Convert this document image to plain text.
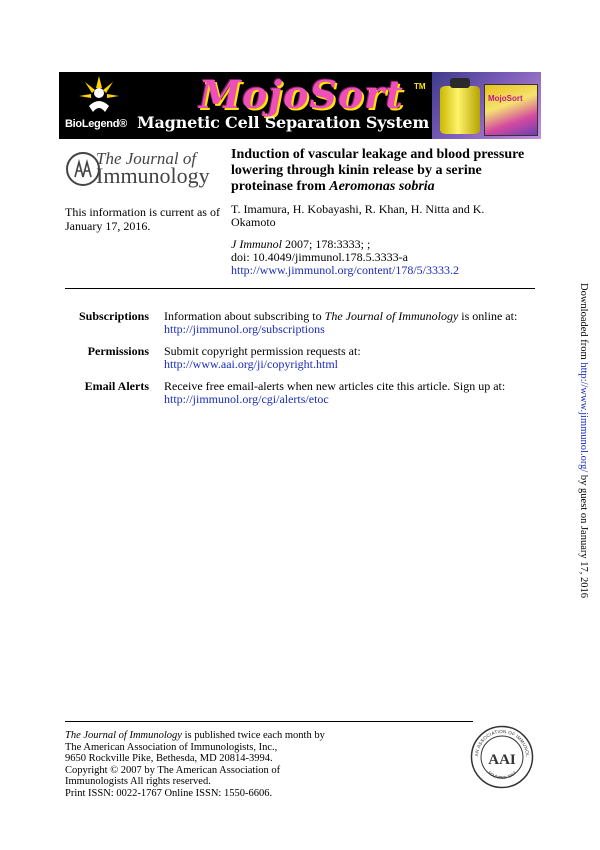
BioLegend®
MojoSort TM
Magnetic Cell Separation System
MojoSort
The Journal of
Immunology
Induction of vascular leakage and blood pressure lowering through kinin release by a serine proteinase from Aeromonas sobria
This information is current as of January 17, 2016.
T. Imamura, H. Kobayashi, R. Khan, H. Nitta and K. Okamoto
J Immunol 2007; 178:3333; ;
doi: 10.4049/jimmunol.178.5.3333-a
http://www.jimmunol.org/content/178/5/3333.2
Subscriptions Information about subscribing to The Journal of Immunology is online at:
http://jimmunol.org/subscriptions
Permissions Submit copyright permission requests at:
http://www.aai.org/ji/copyright.html
Email Alerts Receive free email-alerts when new articles cite this article. Sign up at:
http://jimmunol.org/cgi/alerts/etoc
Downloaded from http://www.jimmunol.org/ by guest on January 17, 2016
The Journal of Immunology is published twice each month by
The American Association of Immunologists, Inc.,
9650 Rockville Pike, Bethesda, MD 20814-3994.
Copyright © 2007 by The American Association of
Immunologists All rights reserved.
Print ISSN: 0022-1767 Online ISSN: 1550-6606.
AN ASSOCIATION OF IMMUNOL
FOUNDED 1913
AAI
